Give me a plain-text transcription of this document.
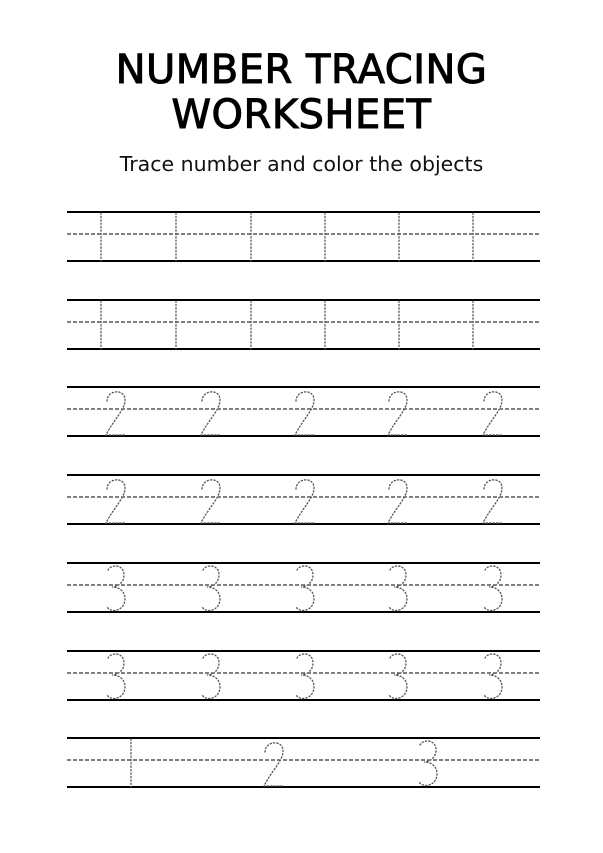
NUMBER TRACING
WORKSHEET

Trace number and color the objects
